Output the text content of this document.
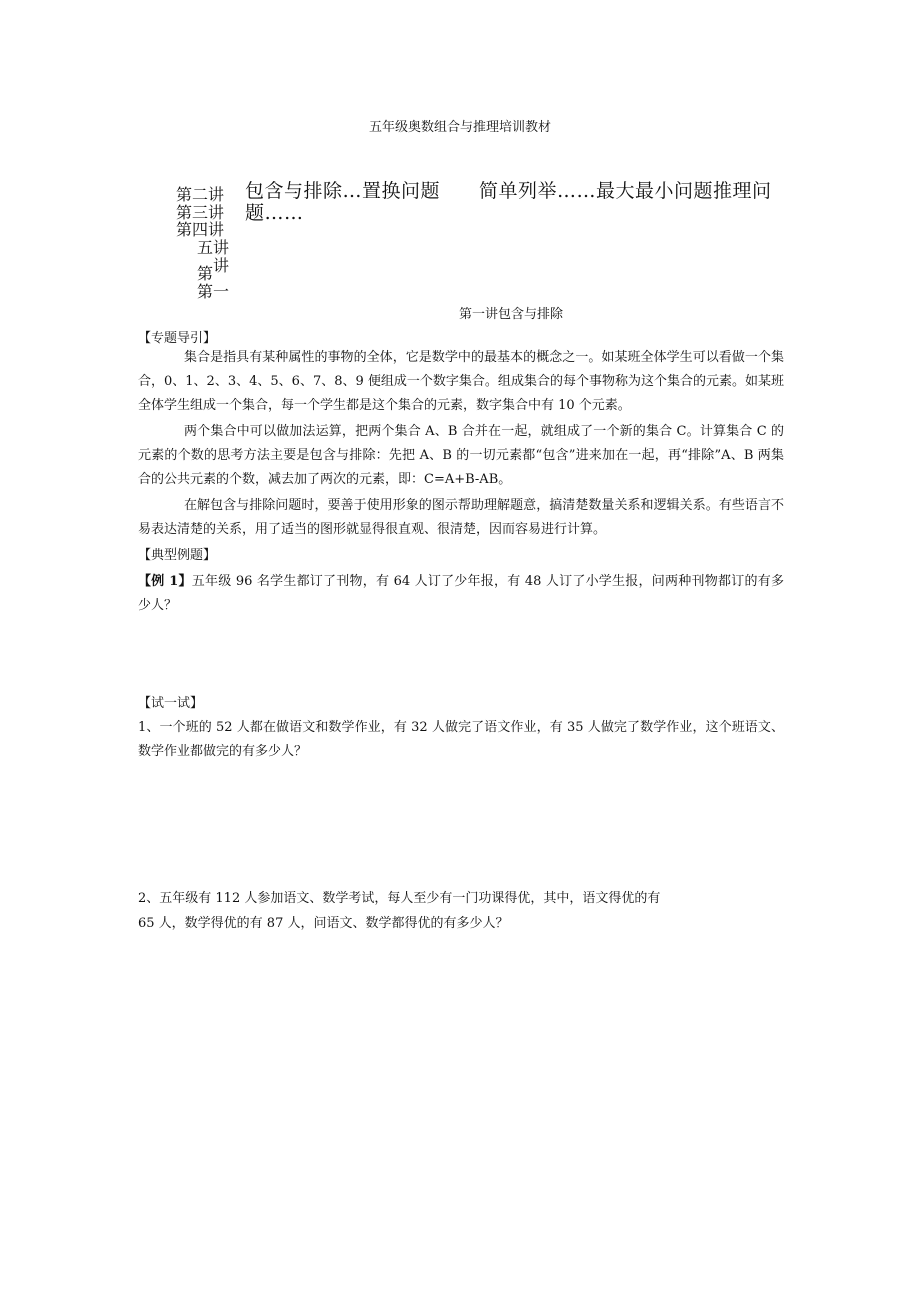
五年级奥数组合与推理培训教材
第二讲
第三讲
第四讲
五讲
讲
第
第一
包含与排除…置换问题　　简单列举……最大最小问题推理问题……
第一讲包含与排除
【专题导引】
集合是指具有某种属性的事物的全体，它是数学中的最基本的概念之一。如某班全体学生可以看做一个集合，0、1、2、3、4、5、6、7、8、9 便组成一个数字集合。组成集合的每个事物称为这个集合的元素。如某班全体学生组成一个集合，每一个学生都是这个集合的元素，数字集合中有 10 个元素。
两个集合中可以做加法运算，把两个集合 A、B 合并在一起，就组成了一个新的集合 C。计算集合 C 的元素的个数的思考方法主要是包含与排除：先把 A、B 的一切元素都“包含”进来加在一起，再“排除”A、B 两集合的公共元素的个数，减去加了两次的元素，即：C=A+B-AB。
在解包含与排除问题时，要善于使用形象的图示帮助理解题意，搞清楚数量关系和逻辑关系。有些语言不易表达清楚的关系，用了适当的图形就显得很直观、很清楚，因而容易进行计算。
【典型例题】
【例 1】五年级 96 名学生都订了刊物，有 64 人订了少年报，有 48 人订了小学生报，问两种刊物都订的有多少人？
【试一试】
1、一个班的 52 人都在做语文和数学作业，有 32 人做完了语文作业，有 35 人做完了数学作业，这个班语文、数学作业都做完的有多少人？
2、五年级有 112 人参加语文、数学考试，每人至少有一门功课得优，其中，语文得优的有
65 人，数学得优的有 87 人，问语文、数学都得优的有多少人？
